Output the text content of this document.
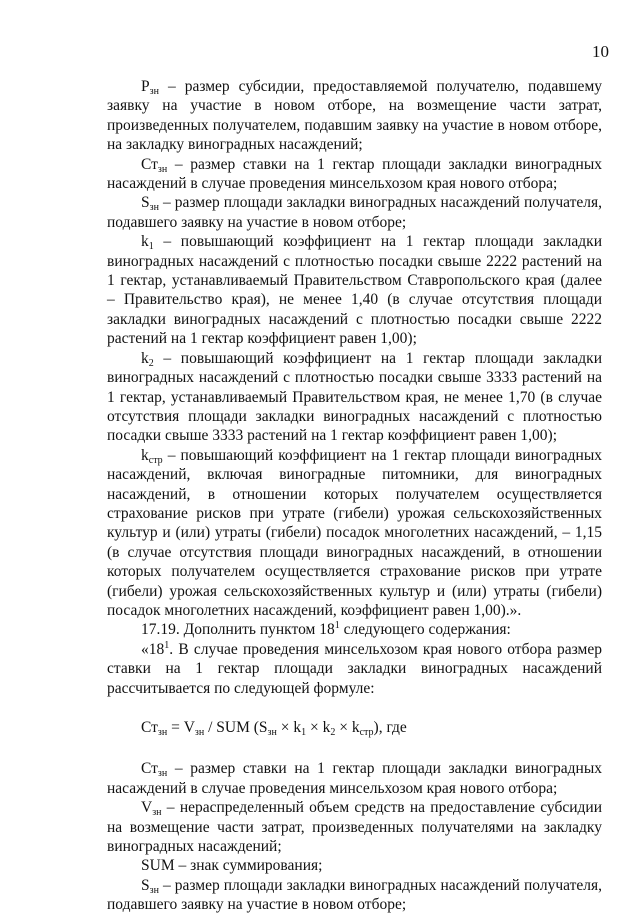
10

$Р_{зн}$ – размер субсидии, предоставляемой получателю, подавшему заявку на участие в новом отборе, на возмещение части затрат, произведенных получателем, подавшим заявку на участие в новом отборе, на закладку виноградных насаждений;

$Ст_{зн}$ – размер ставки на 1 гектар площади закладки виноградных насаждений в случае проведения минсельхозом края нового отбора;

$S_{зн}$ – размер площади закладки виноградных насаждений получателя, подавшего заявку на участие в новом отборе;

$k_1$ – повышающий коэффициент на 1 гектар площади закладки виноградных насаждений с плотностью посадки свыше 2222 растений на 1 гектар, устанавливаемый Правительством Ставропольского края (далее – Правительство края), не менее 1,40 (в случае отсутствия площади закладки виноградных насаждений с плотностью посадки свыше 2222 растений на 1 гектар коэффициент равен 1,00);

$k_2$ – повышающий коэффициент на 1 гектар площади закладки виноградных насаждений с плотностью посадки свыше 3333 растений на 1 гектар, устанавливаемый Правительством края, не менее 1,70 (в случае отсутствия площади закладки виноградных насаждений с плотностью посадки свыше 3333 растений на 1 гектар коэффициент равен 1,00);

$k_{стр}$ – повышающий коэффициент на 1 гектар площади виноградных насаждений, включая виноградные питомники, для виноградных насаждений, в отношении которых получателем осуществляется страхование рисков при утрате (гибели) урожая сельскохозяйственных культур и (или) утраты (гибели) посадок многолетних насаждений, – 1,15 (в случае отсутствия площади виноградных насаждений, в отношении которых получателем осуществляется страхование рисков при утрате (гибели) урожая сельскохозяйственных культур и (или) утраты (гибели) посадок многолетних насаждений, коэффициент равен 1,00).».

17.19. Дополнить пунктом $18^1$ следующего содержания:

«$18^1$. В случае проведения минсельхозом края нового отбора размер ставки на 1 гектар площади закладки виноградных насаждений рассчитывается по следующей формуле:

$Ст_{зн} = V_{зн}$ / SUM $(S_{зн} \times k_1 \times k_2 \times k_{стр})$, где

$Ст_{зн}$ – размер ставки на 1 гектар площади закладки виноградных насаждений в случае проведения минсельхозом края нового отбора;

$V_{зн}$ – нераспределенный объем средств на предоставление субсидии на возмещение части затрат, произведенных получателями на закладку виноградных насаждений;

SUM – знак суммирования;

$S_{зн}$ – размер площади закладки виноградных насаждений получателя, подавшего заявку на участие в новом отборе;
